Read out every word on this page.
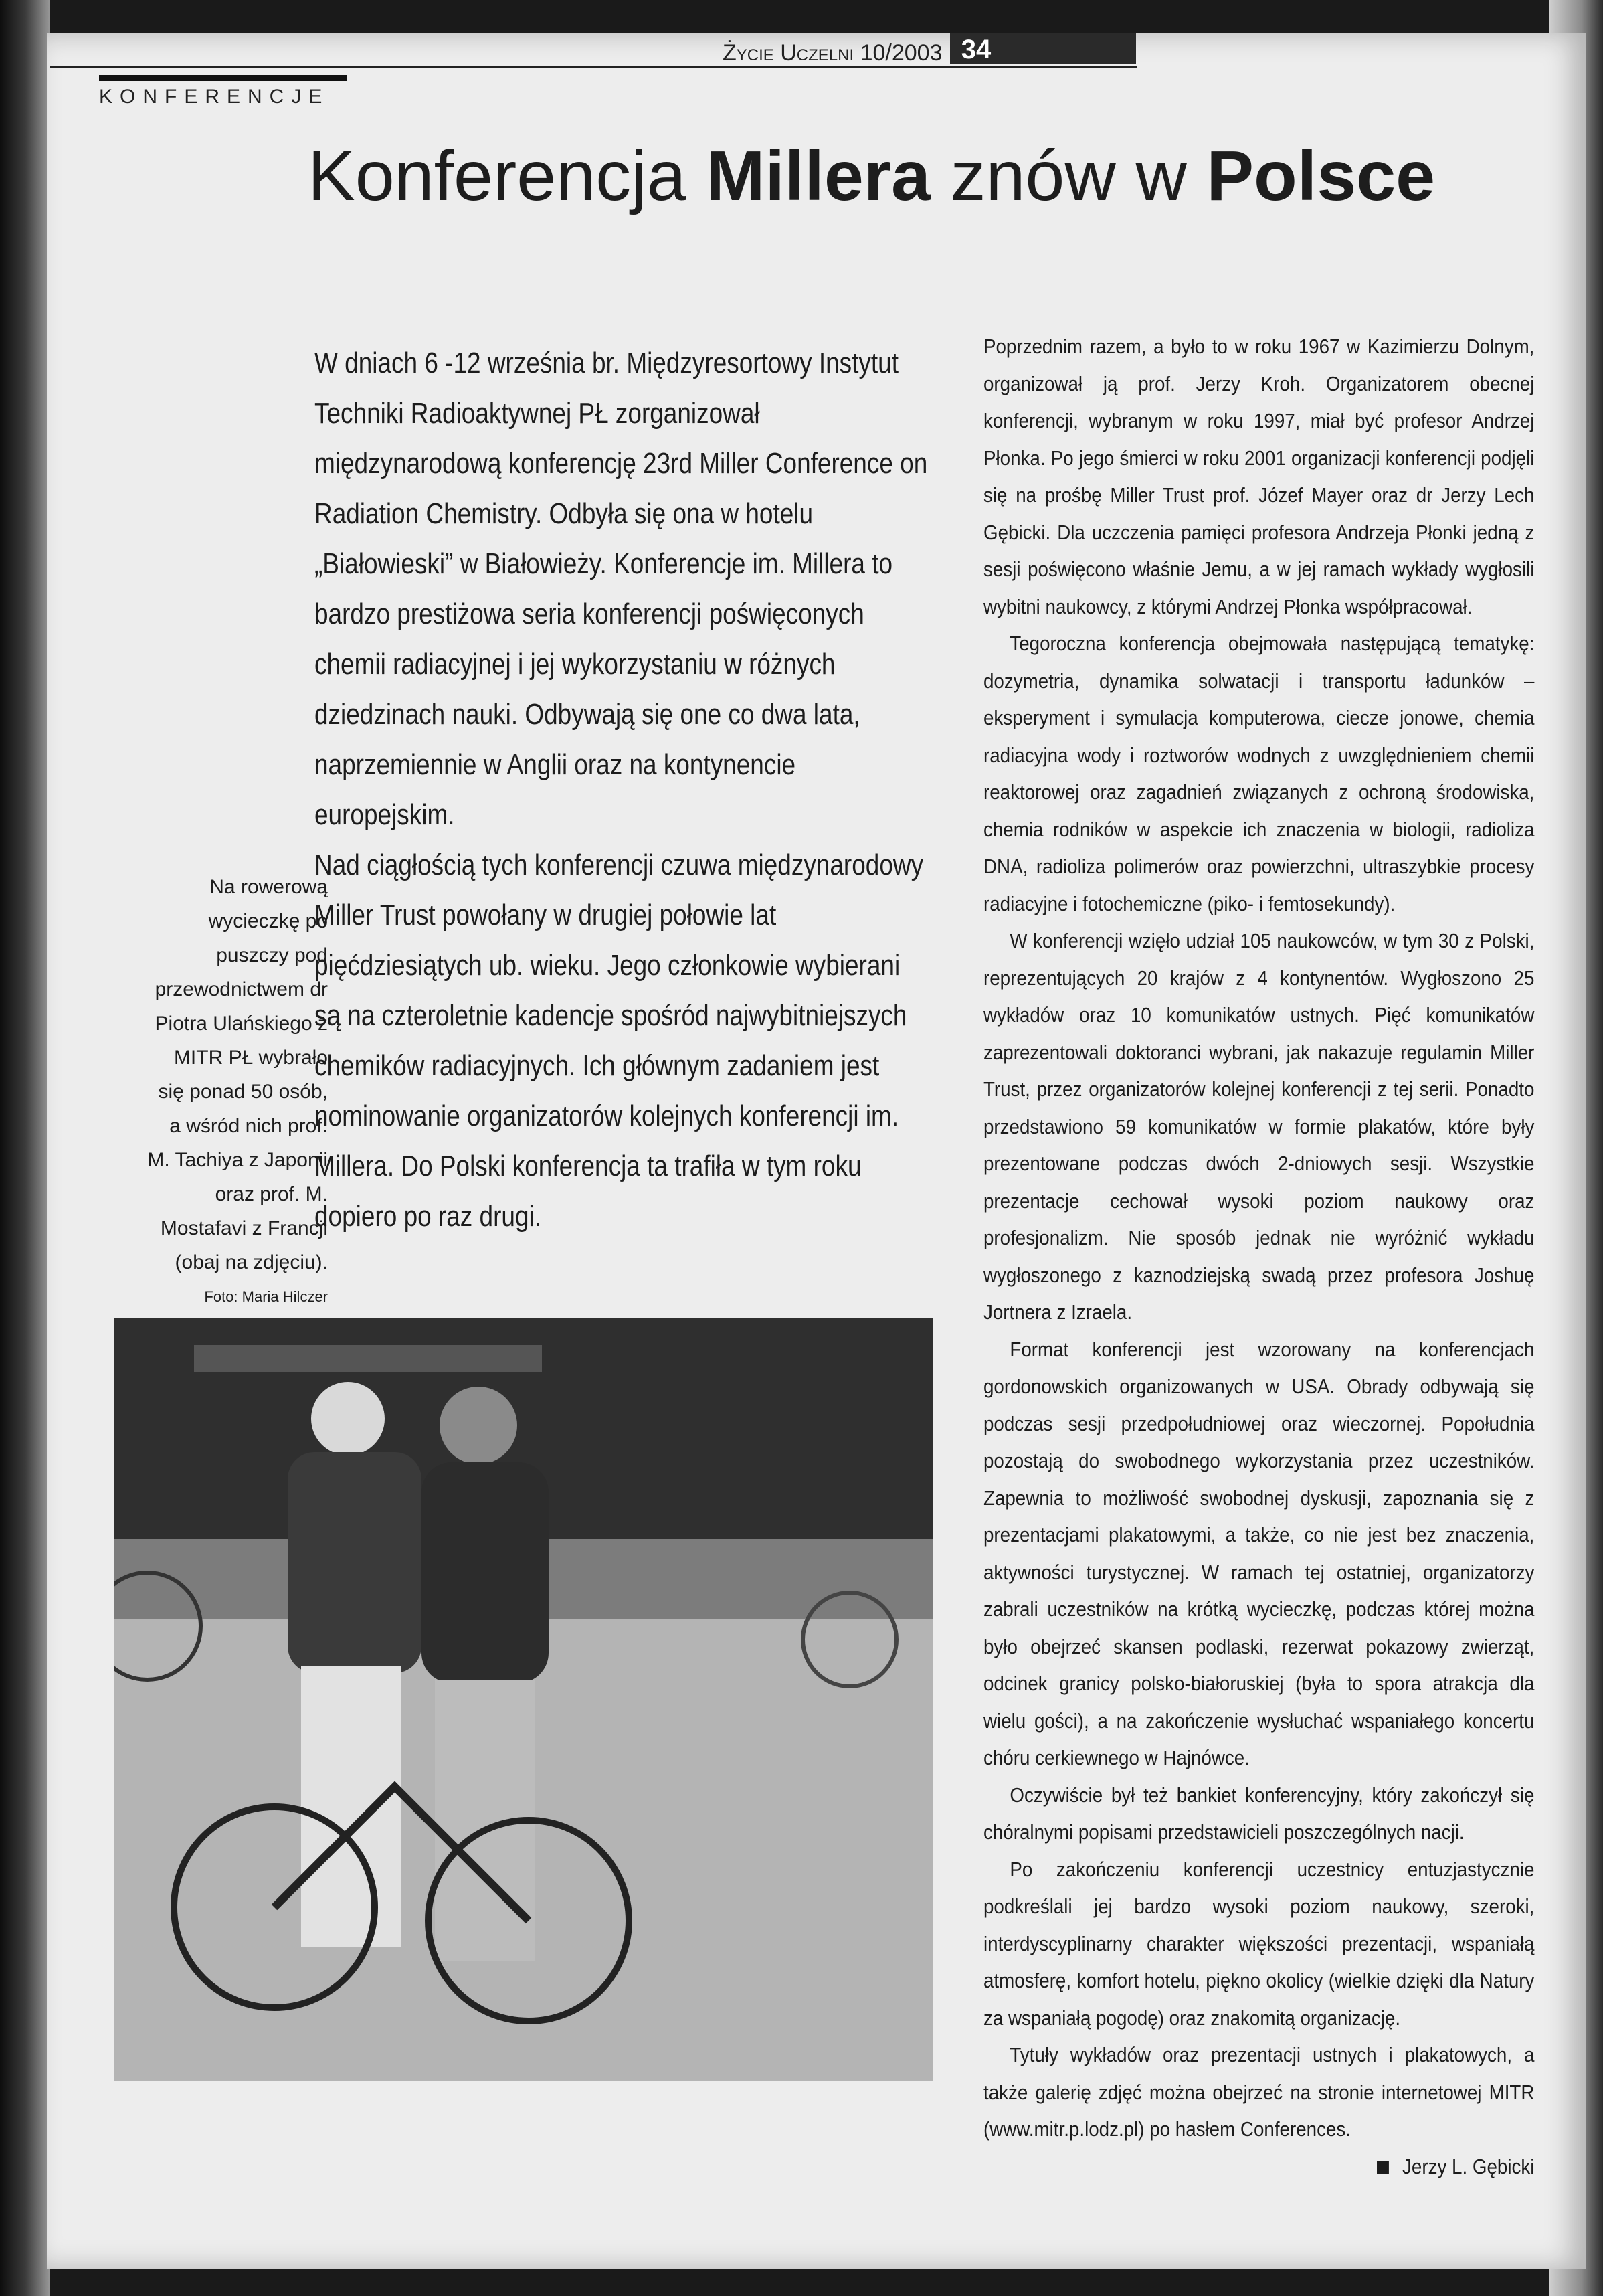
KONFERENCJE
Życie Uczelni 10/2003 34
Konferencja Millera znów w Polsce

W dniach 6 -12 września br. Międzyresortowy Instytut Techniki Radioaktywnej PŁ zorganizował międzynarodową konferencję 23rd Miller Conference on Radiation Chemistry. Odbyła się ona w hotelu „Białowieski” w Białowieży. Konferencje im. Millera to bardzo prestiżowa seria konferencji poświęconych chemii radiacyjnej i jej wykorzystaniu w różnych dziedzinach nauki. Odbywają się one co dwa lata, naprzemiennie w Anglii oraz na kontynencie europejskim.

Nad ciągłością tych konferencji czuwa międzynarodowy Miller Trust powołany w drugiej połowie lat pięćdziesiątych ub. wieku. Jego członkowie wybierani są na czteroletnie kadencje spośród najwybitniejszych chemików radiacyjnych. Ich głównym zadaniem jest nominowanie organizatorów kolejnych konferencji im. Millera. Do Polski konferencja ta trafiła w tym roku dopiero po raz drugi.

Na rowerową wycieczkę po puszczy pod przewodnictwem dr Piotra Ulańskiego z MITR PŁ wybrało się ponad 50 osób, a wśród nich prof. M. Tachiya z Japonii oraz prof. M. Mostafavi z Francji (obaj na zdjęciu).
Foto: Maria Hilczer

Poprzednim razem, a było to w roku 1967 w Kazimierzu Dolnym, organizował ją prof. Jerzy Kroh. Organizatorem obecnej konferencji, wybranym w roku 1997, miał być profesor Andrzej Płonka. Po jego śmierci w roku 2001 organizacji konferencji podjęli się na prośbę Miller Trust prof. Józef Mayer oraz dr Jerzy Lech Gębicki. Dla uczczenia pamięci profesora Andrzeja Płonki jedną z sesji poświęcono właśnie Jemu, a w jej ramach wykłady wygłosili wybitni naukowcy, z którymi Andrzej Płonka współpracował.

Tegoroczna konferencja obejmowała następującą tematykę: dozymetria, dynamika solwatacji i transportu ładunków – eksperyment i symulacja komputerowa, ciecze jonowe, chemia radiacyjna wody i roztworów wodnych z uwzględnieniem chemii reaktorowej oraz zagadnień związanych z ochroną środowiska, chemia rodników w aspekcie ich znaczenia w biologii, radioliza DNA, radioliza polimerów oraz powierzchni, ultraszybkie procesy radiacyjne i fotochemiczne (piko- i femtosekundy).

W konferencji wzięło udział 105 naukowców, w tym 30 z Polski, reprezentujących 20 krajów z 4 kontynentów. Wygłoszono 25 wykładów oraz 10 komunikatów ustnych. Pięć komunikatów zaprezentowali doktoranci wybrani, jak nakazuje regulamin Miller Trust, przez organizatorów kolejnej konferencji z tej serii. Ponadto przedstawiono 59 komunikatów w formie plakatów, które były prezentowane podczas dwóch 2-dniowych sesji. Wszystkie prezentacje cechował wysoki poziom naukowy oraz profesjonalizm. Nie sposób jednak nie wyróżnić wykładu wygłoszonego z kaznodziejską swadą przez profesora Joshuę Jortnera z Izraela.

Format konferencji jest wzorowany na konferencjach gordonowskich organizowanych w USA. Obrady odbywają się podczas sesji przedpołudniowej oraz wieczornej. Popołudnia pozostają do swobodnego wykorzystania przez uczestników. Zapewnia to możliwość swobodnej dyskusji, zapoznania się z prezentacjami plakatowymi, a także, co nie jest bez znaczenia, aktywności turystycznej. W ramach tej ostatniej, organizatorzy zabrali uczestników na krótką wycieczkę, podczas której można było obejrzeć skansen podlaski, rezerwat pokazowy zwierząt, odcinek granicy polsko-białoruskiej (była to spora atrakcja dla wielu gości), a na zakończenie wysłuchać wspaniałego koncertu chóru cerkiewnego w Hajnówce.

Oczywiście był też bankiet konferencyjny, który zakończył się chóralnymi popisami przedstawicieli poszczególnych nacji.

Po zakończeniu konferencji uczestnicy entuzjastycznie podkreślali jej bardzo wysoki poziom naukowy, szeroki, interdyscyplinarny charakter większości prezentacji, wspaniałą atmosferę, komfort hotelu, piękno okolicy (wielkie dzięki dla Natury za wspaniałą pogodę) oraz znakomitą organizację.

Tytuły wykładów oraz prezentacji ustnych i plakatowych, a także galerię zdjęć można obejrzeć na stronie internetowej MITR (www.mitr.p.lodz.pl) po hasłem Conferences.

Jerzy L. Gębicki
